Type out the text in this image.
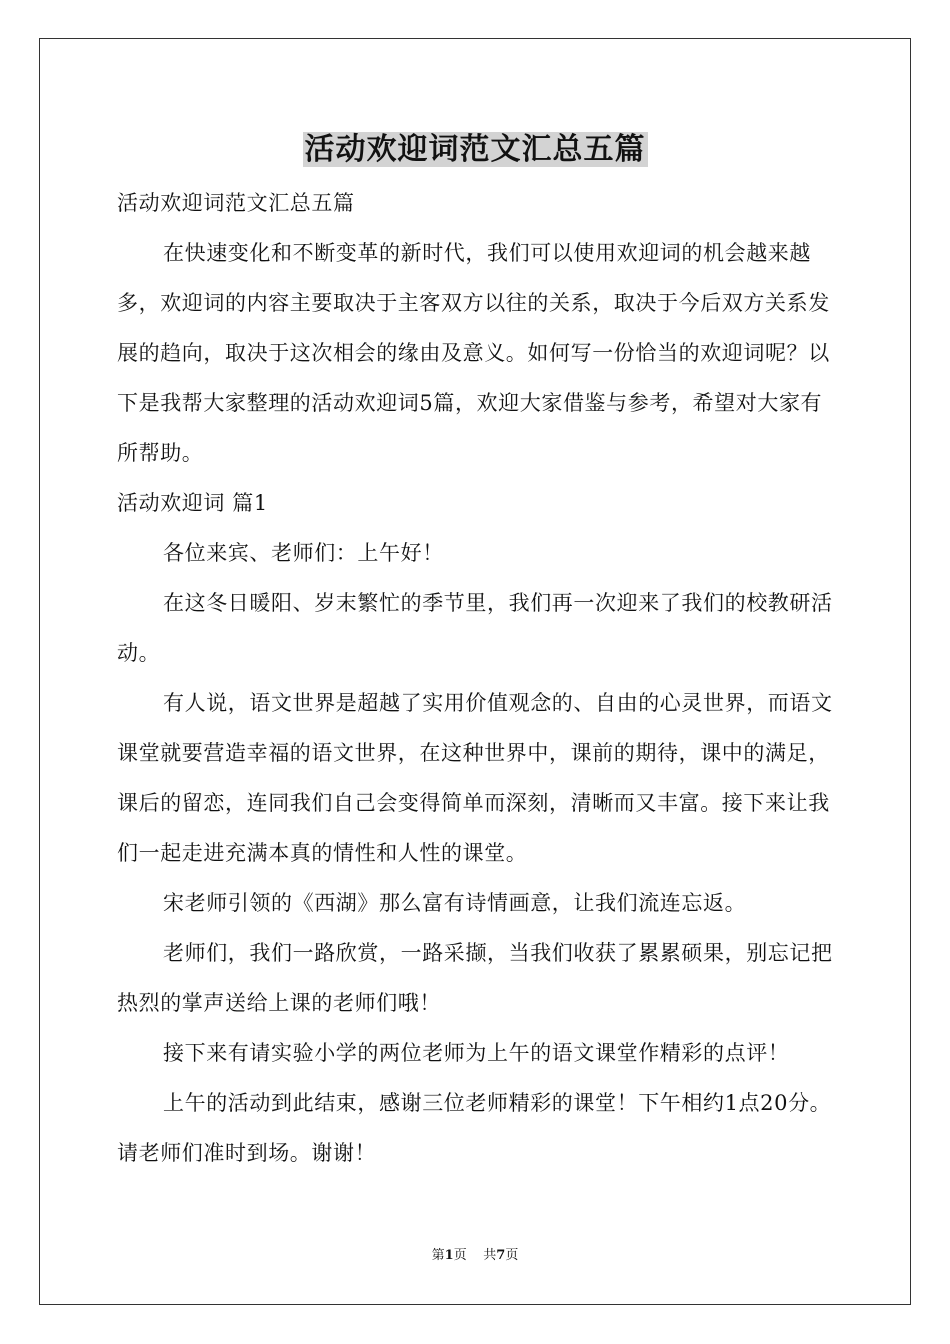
活动欢迎词范文汇总五篇

活动欢迎词范文汇总五篇

在快速变化和不断变革的新时代，我们可以使用欢迎词的机会越来越多，欢迎词的内容主要取决于主客双方以往的关系，取决于今后双方关系发展的趋向，取决于这次相会的缘由及意义。如何写一份恰当的欢迎词呢？以下是我帮大家整理的活动欢迎词5篇，欢迎大家借鉴与参考，希望对大家有所帮助。

活动欢迎词 篇1

各位来宾、老师们：上午好！

在这冬日暖阳、岁末繁忙的季节里，我们再一次迎来了我们的校教研活动。

有人说，语文世界是超越了实用价值观念的、自由的心灵世界，而语文课堂就要营造幸福的语文世界，在这种世界中，课前的期待，课中的满足，课后的留恋，连同我们自己会变得简单而深刻，清晰而又丰富。接下来让我们一起走进充满本真的情性和人性的课堂。

宋老师引领的《西湖》那么富有诗情画意，让我们流连忘返。

老师们，我们一路欣赏，一路采撷，当我们收获了累累硕果，别忘记把热烈的掌声送给上课的老师们哦！

接下来有请实验小学的两位老师为上午的语文课堂作精彩的点评！

上午的活动到此结束，感谢三位老师精彩的课堂！下午相约1点20分。请老师们准时到场。谢谢！

第1页 共7页
